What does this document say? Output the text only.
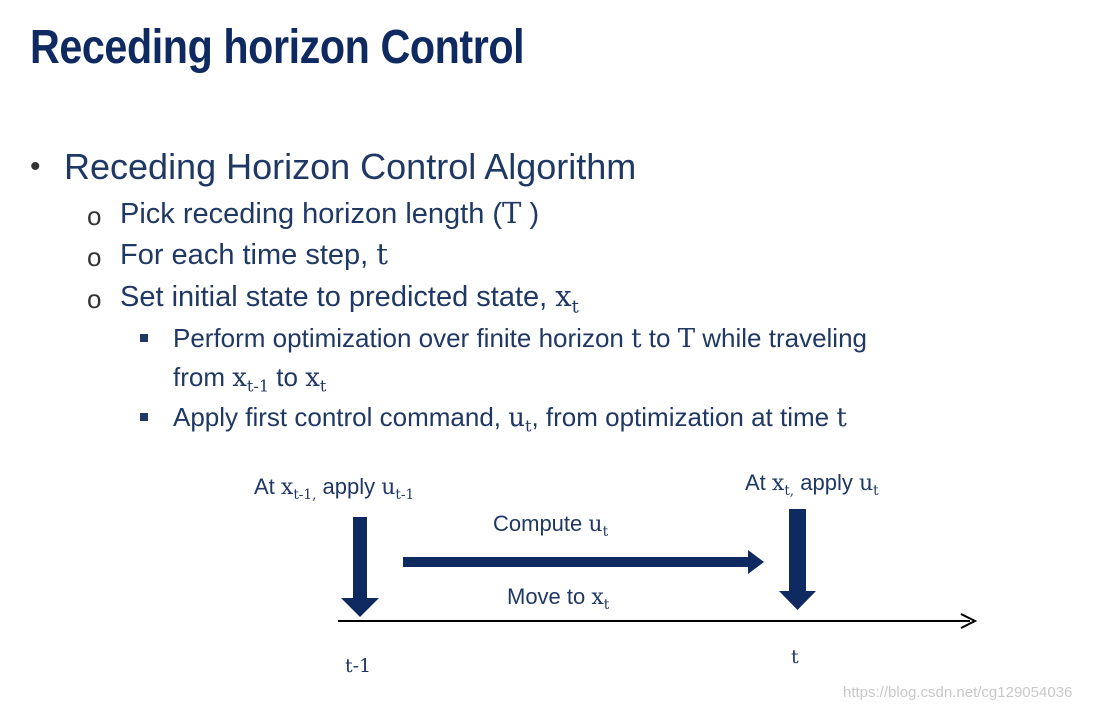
Receding horizon Control
• Receding Horizon Control Algorithm
o Pick receding horizon length (T )
o For each time step, t
o Set initial state to predicted state, $x_t$
Perform optimization over finite horizon t to T while traveling
from $x_{t-1}$ to $x_t$
Apply first control command, $u_t$, from optimization at time t
At $x_{t-1,}$ apply $u_{t-1}$	At $x_{t,}$ apply $u_t$
Compute $u_t$
Move to $x_t$
t-1	t
https://blog.csdn.net/cg129054036
